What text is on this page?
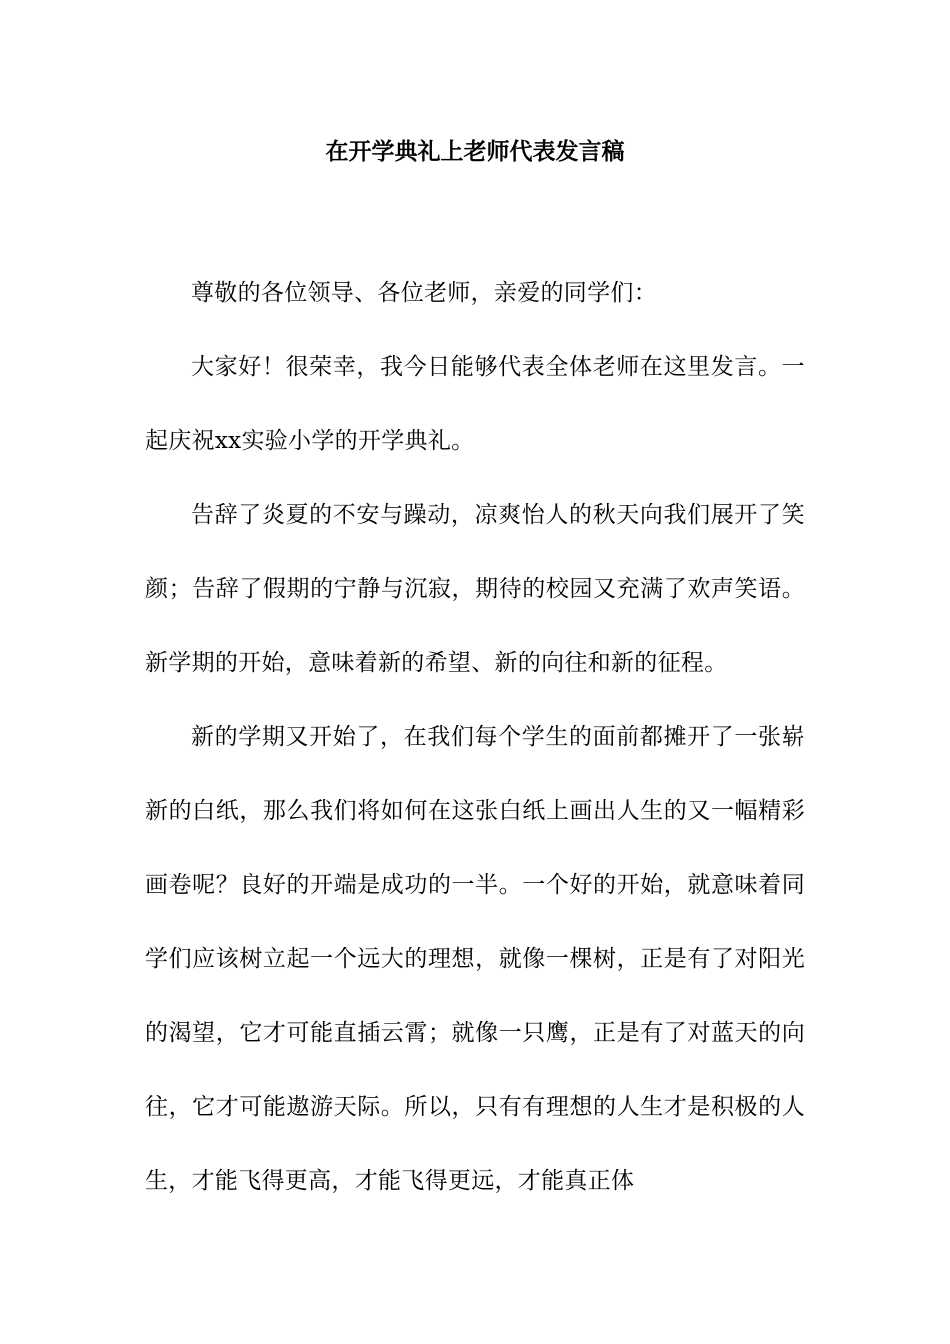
在开学典礼上老师代表发言稿

尊敬的各位领导、各位老师，亲爱的同学们：

大家好！很荣幸，我今日能够代表全体老师在这里发言。一起庆祝xx实验小学的开学典礼。

告辞了炎夏的不安与躁动，凉爽怡人的秋天向我们展开了笑颜；告辞了假期的宁静与沉寂，期待的校园又充满了欢声笑语。新学期的开始，意味着新的希望、新的向往和新的征程。

新的学期又开始了，在我们每个学生的面前都摊开了一张崭新的白纸，那么我们将如何在这张白纸上画出人生的又一幅精彩画卷呢？良好的开端是成功的一半。一个好的开始，就意味着同学们应该树立起一个远大的理想，就像一棵树，正是有了对阳光的渴望，它才可能直插云霄；就像一只鹰，正是有了对蓝天的向往，它才可能遨游天际。所以，只有有理想的人生才是积极的人生，才能飞得更高，才能飞得更远，才能真正体
